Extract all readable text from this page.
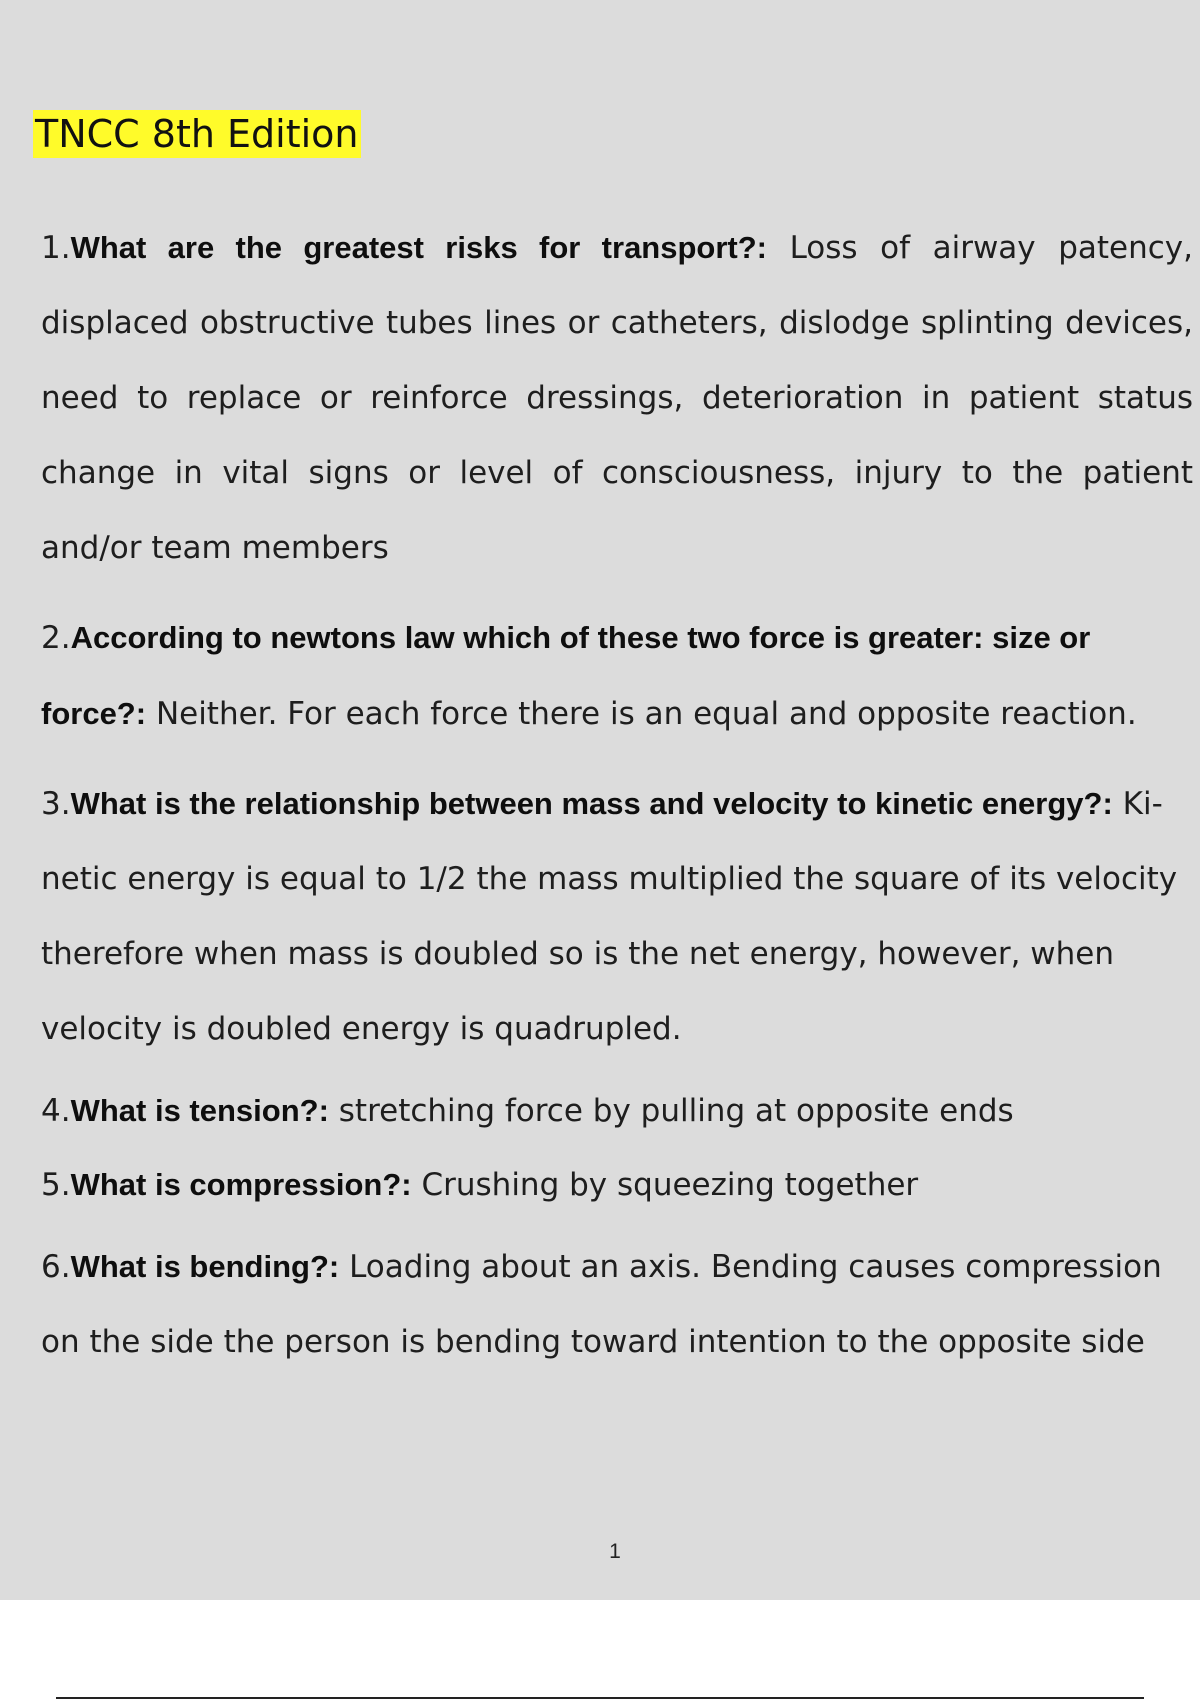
TNCC 8th Edition
1.What are the greatest risks for transport?: Loss of airway patency, displaced obstructive tubes lines or catheters, dislodge splinting devices, need to replace or reinforce dressings, deterioration in patient status change in vital signs or level of consciousness, injury to the patient and/or team members
2.According to newtons law which of these two force is greater: size or force?: Neither. For each force there is an equal and opposite reaction.
3.What is the relationship between mass and velocity to kinetic energy?: Ki- netic energy is equal to 1/2 the mass multiplied the square of its velocity therefore when mass is doubled so is the net energy, however, when velocity is doubled energy is quadrupled.
4.What is tension?: stretching force by pulling at opposite ends
5.What is compression?: Crushing by squeezing together
6.What is bending?: Loading about an axis. Bending causes compression on the side the person is bending toward intention to the opposite side
1
